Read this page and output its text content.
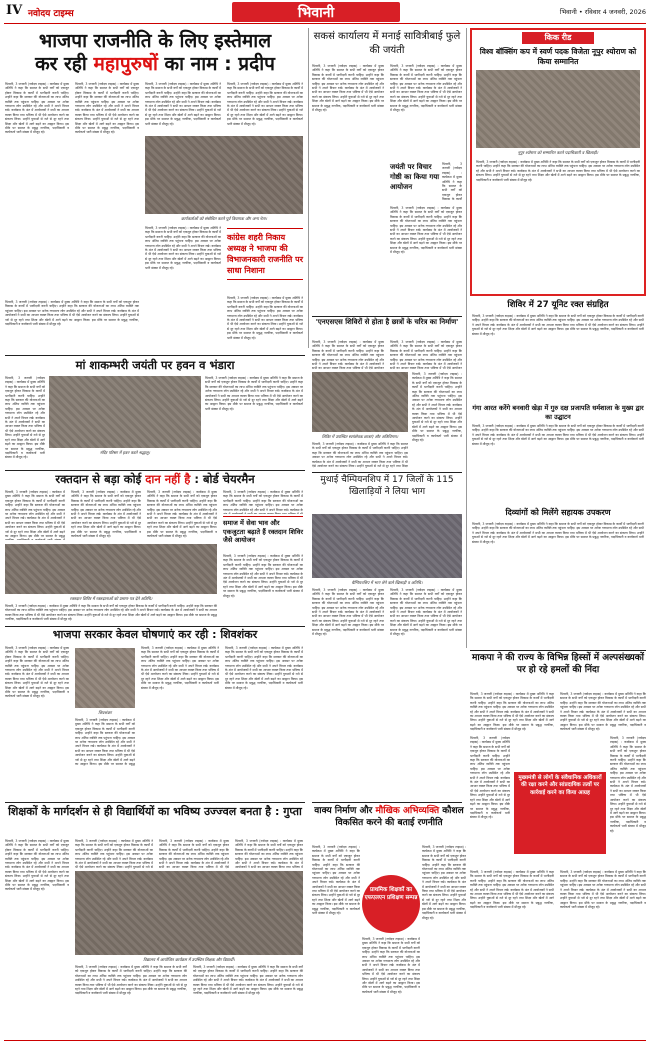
IV नवोदय टाइम्स	भिवानी	भिवानी • रविवार 4 जनवरी, 2026
भाजपा राजनीति के लिए इस्तेमाल
कर रही महापुरुषों का नाम : प्रदीप
भिवानी, 3 जनवरी (नवोदय टाइम्स) : कार्यक्रम में मुख्य अतिथि ने कहा कि समाज के सभी वर्गों को एकजुट होकर विकास के कार्यों में भागीदारी करनी चाहिए। उन्होंने कहा कि सरकार की योजनाओं का लाभ अंतिम व्यक्ति तक पहुंचना चाहिए। इस अवसर पर अनेक गणमान्य लोग उपस्थित रहे और सभी ने अपने विचार रखे। कार्यक्रम के अंत में आयोजकों ने सभी का आभार व्यक्त किया तथा भविष्य में भी ऐसे आयोजन करने का संकल्प लिया। उन्होंने युवाओं से नशे से दूर रहने तथा शिक्षा और खेलों में आगे बढ़ने का आह्वान किया। इस मौके पर समाज के प्रबुद्ध नागरिक, पदाधिकारी व कार्यकर्ता भारी संख्या में मौजूद रहे।
भिवानी, 3 जनवरी (नवोदय टाइम्स) : कार्यक्रम में मुख्य अतिथि ने कहा कि समाज के सभी वर्गों को एकजुट होकर विकास के कार्यों में भागीदारी करनी चाहिए। उन्होंने कहा कि सरकार की योजनाओं का लाभ अंतिम व्यक्ति तक पहुंचना चाहिए। इस अवसर पर अनेक गणमान्य लोग उपस्थित रहे और सभी ने अपने विचार रखे। कार्यक्रम के अंत में आयोजकों ने सभी का आभार व्यक्त किया तथा भविष्य में भी ऐसे आयोजन करने का संकल्प लिया। उन्होंने युवाओं से नशे से दूर रहने तथा शिक्षा और खेलों में आगे बढ़ने का आह्वान किया। इस मौके पर समाज के प्रबुद्ध नागरिक, पदाधिकारी व कार्यकर्ता भारी संख्या में मौजूद रहे।
भिवानी, 3 जनवरी (नवोदय टाइम्स) : कार्यक्रम में मुख्य अतिथि ने कहा कि समाज के सभी वर्गों को एकजुट होकर विकास के कार्यों में भागीदारी करनी चाहिए। उन्होंने कहा कि सरकार की योजनाओं का लाभ अंतिम व्यक्ति तक पहुंचना चाहिए। इस अवसर पर अनेक गणमान्य लोग उपस्थित रहे और सभी ने अपने विचार रखे। कार्यक्रम के अंत में आयोजकों ने सभी का आभार व्यक्त किया तथा भविष्य में भी ऐसे आयोजन करने का संकल्प लिया। उन्होंने युवाओं से नशे से दूर रहने तथा शिक्षा और खेलों में आगे बढ़ने का आह्वान किया। इस मौके पर समाज के प्रबुद्ध नागरिक, पदाधिकारी व कार्यकर्ता भारी संख्या में मौजूद रहे।
भिवानी, 3 जनवरी (नवोदय टाइम्स) : कार्यक्रम में मुख्य अतिथि ने कहा कि समाज के सभी वर्गों को एकजुट होकर विकास के कार्यों में भागीदारी करनी चाहिए। उन्होंने कहा कि सरकार की योजनाओं का लाभ अंतिम व्यक्ति तक पहुंचना चाहिए। इस अवसर पर अनेक गणमान्य लोग उपस्थित रहे और सभी ने अपने विचार रखे। कार्यक्रम के अंत में आयोजकों ने सभी का आभार व्यक्त किया तथा भविष्य में भी ऐसे आयोजन करने का संकल्प लिया। उन्होंने युवाओं से नशे से दूर रहने तथा शिक्षा और खेलों में आगे बढ़ने का आह्वान किया। इस मौके पर समाज के प्रबुद्ध नागरिक, पदाधिकारी व कार्यकर्ता भारी संख्या में मौजूद रहे।
कार्यकर्ताओं को संबोधित करते पूर्व विधायक और अन्य नेता।
भिवानी, 3 जनवरी (नवोदय टाइम्स) : कार्यक्रम में मुख्य अतिथि ने कहा कि समाज के सभी वर्गों को एकजुट होकर विकास के कार्यों में भागीदारी करनी चाहिए। उन्होंने कहा कि सरकार की योजनाओं का लाभ अंतिम व्यक्ति तक पहुंचना चाहिए। इस अवसर पर अनेक गणमान्य लोग उपस्थित रहे और सभी ने अपने विचार रखे। कार्यक्रम के अंत में आयोजकों ने सभी का आभार व्यक्त किया तथा भविष्य में भी ऐसे आयोजन करने का संकल्प लिया। उन्होंने युवाओं से नशे से दूर रहने तथा शिक्षा और खेलों में आगे बढ़ने का आह्वान किया। इस मौके पर समाज के प्रबुद्ध नागरिक, पदाधिकारी व कार्यकर्ता भारी संख्या में मौजूद रहे।
कांग्रेस शहरी निकाय अध्यक्ष ने भाजपा की विभाजनकारी राजनीति पर साधा निशाना
भिवानी, 3 जनवरी (नवोदय टाइम्स) : कार्यक्रम में मुख्य अतिथि ने कहा कि समाज के सभी वर्गों को एकजुट होकर विकास के कार्यों में भागीदारी करनी चाहिए। उन्होंने कहा कि सरकार की योजनाओं का लाभ अंतिम व्यक्ति तक पहुंचना चाहिए। इस अवसर पर अनेक गणमान्य लोग उपस्थित रहे और सभी ने अपने विचार रखे। कार्यक्रम के अंत में आयोजकों ने सभी का आभार व्यक्त किया तथा भविष्य में भी ऐसे आयोजन करने का संकल्प लिया। उन्होंने युवाओं से नशे से दूर रहने तथा शिक्षा और खेलों में आगे बढ़ने का आह्वान किया। इस मौके पर समाज के प्रबुद्ध नागरिक, पदाधिकारी व कार्यकर्ता भारी संख्या में मौजूद रहे।
भिवानी, 3 जनवरी (नवोदय टाइम्स) : कार्यक्रम में मुख्य अतिथि ने कहा कि समाज के सभी वर्गों को एकजुट होकर विकास के कार्यों में भागीदारी करनी चाहिए। उन्होंने कहा कि सरकार की योजनाओं का लाभ अंतिम व्यक्ति तक पहुंचना चाहिए। इस अवसर पर अनेक गणमान्य लोग उपस्थित रहे और सभी ने अपने विचार रखे। कार्यक्रम के अंत में आयोजकों ने सभी का आभार व्यक्त किया तथा भविष्य में भी ऐसे आयोजन करने का संकल्प लिया। उन्होंने युवाओं से नशे से दूर रहने तथा शिक्षा और खेलों में आगे बढ़ने का आह्वान किया। इस मौके पर समाज के प्रबुद्ध नागरिक, पदाधिकारी व कार्यकर्ता भारी संख्या में मौजूद रहे।
सकसं कार्यालय में मनाई सावित्रीबाई फुले की जयंती
भिवानी, 3 जनवरी (नवोदय टाइम्स) : कार्यक्रम में मुख्य अतिथि ने कहा कि समाज के सभी वर्गों को एकजुट होकर विकास के कार्यों में भागीदारी करनी चाहिए। उन्होंने कहा कि सरकार की योजनाओं का लाभ अंतिम व्यक्ति तक पहुंचना चाहिए। इस अवसर पर अनेक गणमान्य लोग उपस्थित रहे और सभी ने अपने विचार रखे। कार्यक्रम के अंत में आयोजकों ने सभी का आभार व्यक्त किया तथा भविष्य में भी ऐसे आयोजन करने का संकल्प लिया। उन्होंने युवाओं से नशे से दूर रहने तथा शिक्षा और खेलों में आगे बढ़ने का आह्वान किया। इस मौके पर समाज के प्रबुद्ध नागरिक, पदाधिकारी व कार्यकर्ता भारी संख्या में मौजूद रहे।
भिवानी, 3 जनवरी (नवोदय टाइम्स) : कार्यक्रम में मुख्य अतिथि ने कहा कि समाज के सभी वर्गों को एकजुट होकर विकास के कार्यों में भागीदारी करनी चाहिए। उन्होंने कहा कि सरकार की योजनाओं का लाभ अंतिम व्यक्ति तक पहुंचना चाहिए। इस अवसर पर अनेक गणमान्य लोग उपस्थित रहे और सभी ने अपने विचार रखे। कार्यक्रम के अंत में आयोजकों ने सभी का आभार व्यक्त किया तथा भविष्य में भी ऐसे आयोजन करने का संकल्प लिया। उन्होंने युवाओं से नशे से दूर रहने तथा शिक्षा और खेलों में आगे बढ़ने का आह्वान किया। इस मौके पर समाज के प्रबुद्ध नागरिक, पदाधिकारी व कार्यकर्ता भारी संख्या में मौजूद रहे।
जयंती पर विचार गोष्ठी का किया गया आयोजन
भिवानी, 3 जनवरी (नवोदय टाइम्स) : कार्यक्रम में मुख्य अतिथि ने कहा कि समाज के सभी वर्गों को एकजुट होकर विकास के कार्यों
भिवानी, 3 जनवरी (नवोदय टाइम्स) : कार्यक्रम में मुख्य अतिथि ने कहा कि समाज के सभी वर्गों को एकजुट होकर विकास के कार्यों में भागीदारी करनी चाहिए। उन्होंने कहा कि सरकार की योजनाओं का लाभ अंतिम व्यक्ति तक पहुंचना चाहिए। इस अवसर पर अनेक गणमान्य लोग उपस्थित रहे और सभी ने अपने विचार रखे। कार्यक्रम के अंत में आयोजकों ने सभी का आभार व्यक्त किया तथा भविष्य में भी ऐसे आयोजन करने का संकल्प लिया। उन्होंने युवाओं से नशे से दूर रहने तथा शिक्षा और खेलों में आगे बढ़ने का आह्वान किया। इस मौके पर समाज के प्रबुद्ध नागरिक, पदाधिकारी व कार्यकर्ता भारी संख्या में मौजूद रहे।
किक रीड
विश्व बॉक्सिंग कप में स्वर्ण पदक विजेता नूपुर श्योराण को किया सम्मानित
नूपुर श्योराण को सम्मानित करते पदाधिकारी व खिलाड़ी।
भिवानी, 3 जनवरी (नवोदय टाइम्स) : कार्यक्रम में मुख्य अतिथि ने कहा कि समाज के सभी वर्गों को एकजुट होकर विकास के कार्यों में भागीदारी करनी चाहिए। उन्होंने कहा कि सरकार की योजनाओं का लाभ अंतिम व्यक्ति तक पहुंचना चाहिए। इस अवसर पर अनेक गणमान्य लोग उपस्थित रहे और सभी ने अपने विचार रखे। कार्यक्रम के अंत में आयोजकों ने सभी का आभार व्यक्त किया तथा भविष्य में भी ऐसे आयोजन करने का संकल्प लिया। उन्होंने युवाओं से नशे से दूर रहने तथा शिक्षा और खेलों में आगे बढ़ने का आह्वान किया। इस मौके पर समाज के प्रबुद्ध नागरिक, पदाधिकारी व कार्यकर्ता भारी संख्या में मौजूद रहे।
शिविर में 27 यूनिट रक्त संग्रहित
भिवानी, 3 जनवरी (नवोदय टाइम्स) : कार्यक्रम में मुख्य अतिथि ने कहा कि समाज के सभी वर्गों को एकजुट होकर विकास के कार्यों में भागीदारी करनी चाहिए। उन्होंने कहा कि सरकार की योजनाओं का लाभ अंतिम व्यक्ति तक पहुंचना चाहिए। इस अवसर पर अनेक गणमान्य लोग उपस्थित रहे और सभी ने अपने विचार रखे। कार्यक्रम के अंत में आयोजकों ने सभी का आभार व्यक्त किया तथा भविष्य में भी ऐसे आयोजन करने का संकल्प लिया। उन्होंने युवाओं से नशे से दूर रहने तथा शिक्षा और खेलों में आगे बढ़ने का आह्वान किया। इस मौके पर समाज के प्रबुद्ध नागरिक, पदाधिकारी व कार्यकर्ता भारी संख्या में मौजूद रहे।
गंगा आरत करेंगे बनवारी खेड़ा में गुरु दक्ष प्रजापति धर्मशाला के मुख्य द्वार का उद्घाटन
भिवानी, 3 जनवरी (नवोदय टाइम्स) : कार्यक्रम में मुख्य अतिथि ने कहा कि समाज के सभी वर्गों को एकजुट होकर विकास के कार्यों में भागीदारी करनी चाहिए। उन्होंने कहा कि सरकार की योजनाओं का लाभ अंतिम व्यक्ति तक पहुंचना चाहिए। इस अवसर पर अनेक गणमान्य लोग उपस्थित रहे और सभी ने अपने विचार रखे। कार्यक्रम के अंत में आयोजकों ने सभी का आभार व्यक्त किया तथा भविष्य में भी ऐसे आयोजन करने का संकल्प लिया। उन्होंने युवाओं से नशे से दूर रहने तथा शिक्षा और खेलों में आगे बढ़ने का आह्वान किया। इस मौके पर समाज के प्रबुद्ध नागरिक, पदाधिकारी व कार्यकर्ता भारी संख्या में मौजूद रहे।
दिव्यांगों को मिलेंगे सहायक उपकरण
भिवानी, 3 जनवरी (नवोदय टाइम्स) : कार्यक्रम में मुख्य अतिथि ने कहा कि समाज के सभी वर्गों को एकजुट होकर विकास के कार्यों में भागीदारी करनी चाहिए। उन्होंने कहा कि सरकार की योजनाओं का लाभ अंतिम व्यक्ति तक पहुंचना चाहिए। इस अवसर पर अनेक गणमान्य लोग उपस्थित रहे और सभी ने अपने विचार रखे। कार्यक्रम के अंत में आयोजकों ने सभी का आभार व्यक्त किया तथा भविष्य में भी ऐसे आयोजन करने का संकल्प लिया। उन्होंने युवाओं से नशे से दूर रहने तथा शिक्षा और खेलों में आगे बढ़ने का आह्वान किया। इस मौके पर समाज के प्रबुद्ध नागरिक, पदाधिकारी व कार्यकर्ता भारी संख्या में मौजूद रहे।
मां शाकम्भरी जयंती पर हवन व भंडारा
भिवानी, 3 जनवरी (नवोदय टाइम्स) : कार्यक्रम में मुख्य अतिथि ने कहा कि समाज के सभी वर्गों को एकजुट होकर विकास के कार्यों में भागीदारी करनी चाहिए। उन्होंने कहा कि सरकार की योजनाओं का लाभ अंतिम व्यक्ति तक पहुंचना चाहिए। इस अवसर पर अनेक गणमान्य लोग उपस्थित रहे और सभी ने अपने विचार रखे। कार्यक्रम के अंत में आयोजकों ने सभी का आभार व्यक्त किया तथा भविष्य में भी ऐसे आयोजन करने का संकल्प लिया। उन्होंने युवाओं से नशे से दूर रहने तथा शिक्षा और खेलों में आगे बढ़ने का आह्वान किया। इस मौके पर समाज के प्रबुद्ध नागरिक, पदाधिकारी व कार्यकर्ता भारी संख्या में मौजूद रहे।
मंदिर परिसर में हवन करते श्रद्धालु।
भिवानी, 3 जनवरी (नवोदय टाइम्स) : कार्यक्रम में मुख्य अतिथि ने कहा कि समाज के सभी वर्गों को एकजुट होकर विकास के कार्यों में भागीदारी करनी चाहिए। उन्होंने कहा कि सरकार की योजनाओं का लाभ अंतिम व्यक्ति तक पहुंचना चाहिए। इस अवसर पर अनेक गणमान्य लोग उपस्थित रहे और सभी ने अपने विचार रखे। कार्यक्रम के अंत में आयोजकों ने सभी का आभार व्यक्त किया तथा भविष्य में भी ऐसे आयोजन करने का संकल्प लिया। उन्होंने युवाओं से नशे से दूर रहने तथा शिक्षा और खेलों में आगे बढ़ने का आह्वान किया। इस मौके पर समाज के प्रबुद्ध नागरिक, पदाधिकारी व कार्यकर्ता भारी संख्या में मौजूद रहे।
'एनएसएस शिविरों से होता है छात्रों के चरित्र का निर्माण'
भिवानी, 3 जनवरी (नवोदय टाइम्स) : कार्यक्रम में मुख्य अतिथि ने कहा कि समाज के सभी वर्गों को एकजुट होकर विकास के कार्यों में भागीदारी करनी चाहिए। उन्होंने कहा कि सरकार की योजनाओं का लाभ अंतिम व्यक्ति तक पहुंचना चाहिए। इस अवसर पर अनेक गणमान्य लोग उपस्थित रहे और सभी ने अपने विचार रखे। कार्यक्रम के अंत में आयोजकों ने सभी का आभार व्यक्त किया तथा भविष्य में भी ऐसे आयोजन
भिवानी, 3 जनवरी (नवोदय टाइम्स) : कार्यक्रम में मुख्य अतिथि ने कहा कि समाज के सभी वर्गों को एकजुट होकर विकास के कार्यों में भागीदारी करनी चाहिए। उन्होंने कहा कि सरकार की योजनाओं का लाभ अंतिम व्यक्ति तक पहुंचना चाहिए। इस अवसर पर अनेक गणमान्य लोग उपस्थित रहे और सभी ने अपने विचार रखे। कार्यक्रम के अंत में आयोजकों ने सभी का आभार व्यक्त किया तथा भविष्य में भी ऐसे आयोजन
भिवानी, 3 जनवरी (नवोदय टाइम्स) : कार्यक्रम में मुख्य अतिथि ने कहा कि समाज के सभी वर्गों को एकजुट होकर विकास के कार्यों में भागीदारी करनी चाहिए। उन्होंने कहा कि सरकार की योजनाओं का लाभ अंतिम व्यक्ति तक पहुंचना चाहिए। इस अवसर पर अनेक गणमान्य लोग उपस्थित रहे और सभी ने अपने विचार रखे। कार्यक्रम के अंत में आयोजकों ने सभी का आभार व्यक्त किया तथा भविष्य में भी ऐसे आयोजन करने का संकल्प लिया। उन्होंने युवाओं से नशे से दूर रहने तथा शिक्षा और खेलों में आगे बढ़ने का आह्वान किया। इस मौके पर समाज के प्रबुद्ध नागरिक, पदाधिकारी व कार्यकर्ता भारी संख्या में मौजूद रहे।
शिविर में उपस्थित स्वयंसेवक छात्राएं और अतिथिगण।
भिवानी, 3 जनवरी (नवोदय टाइम्स) : कार्यक्रम में मुख्य अतिथि ने कहा कि समाज के सभी वर्गों को एकजुट होकर विकास के कार्यों में भागीदारी करनी चाहिए। उन्होंने कहा कि सरकार की योजनाओं का लाभ अंतिम व्यक्ति तक पहुंचना चाहिए। इस अवसर पर अनेक गणमान्य लोग उपस्थित रहे और सभी ने अपने विचार रखे। कार्यक्रम के अंत में आयोजकों ने सभी का आभार व्यक्त किया तथा भविष्य में भी ऐसे आयोजन करने का संकल्प लिया। उन्होंने युवाओं से नशे से दूर रहने तथा शिक्षा
रक्तदान से बड़ा कोई दान नहीं है : बोर्ड चेयरमैन
भिवानी, 3 जनवरी (नवोदय टाइम्स) : कार्यक्रम में मुख्य अतिथि ने कहा कि समाज के सभी वर्गों को एकजुट होकर विकास के कार्यों में भागीदारी करनी चाहिए। उन्होंने कहा कि सरकार की योजनाओं का लाभ अंतिम व्यक्ति तक पहुंचना चाहिए। इस अवसर पर अनेक गणमान्य लोग उपस्थित रहे और सभी ने अपने विचार रखे। कार्यक्रम के अंत में आयोजकों ने सभी का आभार व्यक्त किया तथा भविष्य में भी ऐसे आयोजन करने का संकल्प लिया। उन्होंने युवाओं से नशे से दूर रहने तथा शिक्षा और खेलों में आगे बढ़ने का आह्वान किया। इस मौके पर समाज के प्रबुद्ध
भिवानी, 3 जनवरी (नवोदय टाइम्स) : कार्यक्रम में मुख्य अतिथि ने कहा कि समाज के सभी वर्गों को एकजुट होकर विकास के कार्यों में भागीदारी करनी चाहिए। उन्होंने कहा कि सरकार की योजनाओं का लाभ अंतिम व्यक्ति तक पहुंचना चाहिए। इस अवसर पर अनेक गणमान्य लोग उपस्थित रहे और सभी ने अपने विचार रखे। कार्यक्रम के अंत में आयोजकों ने सभी का आभार व्यक्त किया तथा भविष्य में भी ऐसे आयोजन करने का संकल्प लिया। उन्होंने युवाओं से नशे से दूर रहने तथा शिक्षा और खेलों में आगे बढ़ने का आह्वान किया। इस मौके पर समाज के प्रबुद्ध नागरिक, पदाधिकारी व कार्यकर्ता भारी संख्या में मौजूद रहे।
भिवानी, 3 जनवरी (नवोदय टाइम्स) : कार्यक्रम में मुख्य अतिथि ने कहा कि समाज के सभी वर्गों को एकजुट होकर विकास के कार्यों में भागीदारी करनी चाहिए। उन्होंने कहा कि सरकार की योजनाओं का लाभ अंतिम व्यक्ति तक पहुंचना चाहिए। इस अवसर पर अनेक गणमान्य लोग उपस्थित रहे और सभी ने अपने विचार रखे। कार्यक्रम के अंत में आयोजकों ने सभी का आभार व्यक्त किया तथा भविष्य में भी ऐसे आयोजन करने का संकल्प लिया। उन्होंने युवाओं से नशे से दूर रहने तथा शिक्षा और खेलों में आगे बढ़ने का आह्वान किया। इस मौके पर समाज के प्रबुद्ध नागरिक, पदाधिकारी व कार्यकर्ता भारी संख्या में मौजूद रहे।
भिवानी, 3 जनवरी (नवोदय टाइम्स) : कार्यक्रम में मुख्य अतिथि ने कहा कि समाज के सभी वर्गों को एकजुट होकर विकास के कार्यों में भागीदारी करनी चाहिए। उन्होंने कहा कि सरकार की योजनाओं का लाभ अंतिम व्यक्ति तक पहुंचना चाहिए। इस अवसर पर अनेक गणमान्य लोग उपस्थित रहे और सभी ने अपने विचार रखे। कार्यक्रम के
समाज में सेवा भाव और एकजुटता बढ़ाते हैं रक्तदान शिविर जैसे आयोजन
रक्तदान शिविर में रक्तदाताओं को प्रमाण-पत्र देते अतिथि।
भिवानी, 3 जनवरी (नवोदय टाइम्स) : कार्यक्रम में मुख्य अतिथि ने कहा कि समाज के सभी वर्गों को एकजुट होकर विकास के कार्यों में भागीदारी करनी चाहिए। उन्होंने कहा कि सरकार की योजनाओं का लाभ अंतिम व्यक्ति तक पहुंचना चाहिए। इस अवसर पर अनेक गणमान्य लोग उपस्थित रहे और सभी ने अपने विचार रखे। कार्यक्रम के अंत में आयोजकों ने सभी का आभार व्यक्त किया तथा भविष्य में भी ऐसे आयोजन करने का संकल्प लिया। उन्होंने युवाओं से नशे से दूर रहने तथा शिक्षा और खेलों में आगे बढ़ने का आह्वान किया। इस मौके पर समाज के प्रबुद्ध नागरिक, पदाधिकारी व कार्यकर्ता भारी संख्या में मौजूद रहे।
भिवानी, 3 जनवरी (नवोदय टाइम्स) : कार्यक्रम में मुख्य अतिथि ने कहा कि समाज के सभी वर्गों को एकजुट होकर विकास के कार्यों में भागीदारी करनी चाहिए। उन्होंने कहा कि सरकार की योजनाओं का लाभ अंतिम व्यक्ति तक पहुंचना चाहिए। इस अवसर पर अनेक गणमान्य लोग उपस्थित रहे और सभी ने अपने विचार रखे। कार्यक्रम के अंत में आयोजकों ने सभी का आभार व्यक्त किया तथा भविष्य में भी ऐसे आयोजन करने का संकल्प लिया। उन्होंने युवाओं से नशे से दूर रहने तथा शिक्षा और खेलों में आगे बढ़ने का आह्वान किया। इस मौके पर समाज के प्रबुद्ध नागरिक, पदाधिकारी व कार्यकर्ता भारी संख्या में मौजूद रहे।
मुथाई चैम्पियनशिप में 17 जिलों के 115 खिलाड़ियों ने लिया भाग
चैम्पियनशिप में भाग लेने वाले खिलाड़ी व अतिथि।
भिवानी, 3 जनवरी (नवोदय टाइम्स) : कार्यक्रम में मुख्य अतिथि ने कहा कि समाज के सभी वर्गों को एकजुट होकर विकास के कार्यों में भागीदारी करनी चाहिए। उन्होंने कहा कि सरकार की योजनाओं का लाभ अंतिम व्यक्ति तक पहुंचना चाहिए। इस अवसर पर अनेक गणमान्य लोग उपस्थित रहे और सभी ने अपने विचार रखे। कार्यक्रम के अंत में आयोजकों ने सभी का आभार व्यक्त किया तथा भविष्य में भी ऐसे आयोजन करने का संकल्प लिया। उन्होंने युवाओं से नशे से दूर रहने तथा शिक्षा और खेलों में आगे बढ़ने का आह्वान किया। इस मौके पर समाज के प्रबुद्ध नागरिक, पदाधिकारी व कार्यकर्ता भारी संख्या में मौजूद रहे।
भिवानी, 3 जनवरी (नवोदय टाइम्स) : कार्यक्रम में मुख्य अतिथि ने कहा कि समाज के सभी वर्गों को एकजुट होकर विकास के कार्यों में भागीदारी करनी चाहिए। उन्होंने कहा कि सरकार की योजनाओं का लाभ अंतिम व्यक्ति तक पहुंचना चाहिए। इस अवसर पर अनेक गणमान्य लोग उपस्थित रहे और सभी ने अपने विचार रखे। कार्यक्रम के अंत में आयोजकों ने सभी का आभार व्यक्त किया तथा भविष्य में भी ऐसे आयोजन करने का संकल्प लिया। उन्होंने युवाओं से नशे से दूर रहने तथा शिक्षा और खेलों में आगे बढ़ने का आह्वान किया। इस मौके पर समाज के प्रबुद्ध नागरिक, पदाधिकारी व कार्यकर्ता भारी संख्या में मौजूद रहे।
भाजपा सरकार केवल घोषणाएं कर रही : शिवशंकर
भिवानी, 3 जनवरी (नवोदय टाइम्स) : कार्यक्रम में मुख्य अतिथि ने कहा कि समाज के सभी वर्गों को एकजुट होकर विकास के कार्यों में भागीदारी करनी चाहिए। उन्होंने कहा कि सरकार की योजनाओं का लाभ अंतिम व्यक्ति तक पहुंचना चाहिए। इस अवसर पर अनेक गणमान्य लोग उपस्थित रहे और सभी ने अपने विचार रखे। कार्यक्रम के अंत में आयोजकों ने सभी का आभार व्यक्त किया तथा भविष्य में भी ऐसे आयोजन करने का संकल्प लिया। उन्होंने युवाओं से नशे से दूर रहने तथा शिक्षा और खेलों में आगे बढ़ने का आह्वान किया। इस मौके पर समाज के प्रबुद्ध नागरिक, पदाधिकारी व कार्यकर्ता भारी संख्या में मौजूद रहे।
शिवशंकर
भिवानी, 3 जनवरी (नवोदय टाइम्स) : कार्यक्रम में मुख्य अतिथि ने कहा कि समाज के सभी वर्गों को एकजुट होकर विकास के कार्यों में भागीदारी करनी चाहिए। उन्होंने कहा कि सरकार की योजनाओं का लाभ अंतिम व्यक्ति तक पहुंचना चाहिए। इस अवसर पर अनेक गणमान्य लोग उपस्थित रहे और सभी ने अपने विचार रखे। कार्यक्रम के अंत में आयोजकों ने सभी का आभार व्यक्त किया तथा भविष्य में भी ऐसे आयोजन करने का संकल्प लिया। उन्होंने युवाओं से नशे से दूर रहने तथा शिक्षा और खेलों में आगे बढ़ने का आह्वान किया। इस मौके पर समाज के प्रबुद्ध
भिवानी, 3 जनवरी (नवोदय टाइम्स) : कार्यक्रम में मुख्य अतिथि ने कहा कि समाज के सभी वर्गों को एकजुट होकर विकास के कार्यों में भागीदारी करनी चाहिए। उन्होंने कहा कि सरकार की योजनाओं का लाभ अंतिम व्यक्ति तक पहुंचना चाहिए। इस अवसर पर अनेक गणमान्य लोग उपस्थित रहे और सभी ने अपने विचार रखे। कार्यक्रम के अंत में आयोजकों ने सभी का आभार व्यक्त किया तथा भविष्य में भी ऐसे आयोजन करने का संकल्प लिया। उन्होंने युवाओं से नशे से दूर रहने तथा शिक्षा और खेलों में आगे बढ़ने का आह्वान किया। इस मौके पर समाज के प्रबुद्ध नागरिक, पदाधिकारी व कार्यकर्ता भारी संख्या में मौजूद रहे।
भिवानी, 3 जनवरी (नवोदय टाइम्स) : कार्यक्रम में मुख्य अतिथि ने कहा कि समाज के सभी वर्गों को एकजुट होकर विकास के कार्यों में भागीदारी करनी चाहिए। उन्होंने कहा कि सरकार की योजनाओं का लाभ अंतिम व्यक्ति तक पहुंचना चाहिए। इस अवसर पर अनेक गणमान्य लोग उपस्थित रहे और सभी ने अपने विचार रखे। कार्यक्रम के अंत में आयोजकों ने सभी का आभार व्यक्त किया तथा भविष्य में भी ऐसे आयोजन करने का संकल्प लिया। उन्होंने युवाओं से नशे से दूर रहने तथा शिक्षा और खेलों में आगे बढ़ने का आह्वान किया। इस मौके पर समाज के प्रबुद्ध नागरिक, पदाधिकारी व कार्यकर्ता भारी संख्या में मौजूद रहे।
माकपा ने की राज्य के विभिन्न हिस्सों में अल्पसंख्यकों पर हो रहे हमलों की निंदा
भिवानी, 3 जनवरी (नवोदय टाइम्स) : कार्यक्रम में मुख्य अतिथि ने कहा कि समाज के सभी वर्गों को एकजुट होकर विकास के कार्यों में भागीदारी करनी चाहिए। उन्होंने कहा कि सरकार की योजनाओं का लाभ अंतिम व्यक्ति तक पहुंचना चाहिए। इस अवसर पर अनेक गणमान्य लोग उपस्थित रहे और सभी ने अपने विचार रखे। कार्यक्रम के अंत में आयोजकों ने सभी का आभार व्यक्त किया तथा भविष्य में भी ऐसे आयोजन करने का संकल्प लिया। उन्होंने युवाओं से नशे से दूर रहने तथा शिक्षा और खेलों में आगे बढ़ने का आह्वान किया। इस मौके पर समाज के प्रबुद्ध नागरिक, पदाधिकारी व कार्यकर्ता भारी संख्या में मौजूद रहे।
भिवानी, 3 जनवरी (नवोदय टाइम्स) : कार्यक्रम में मुख्य अतिथि ने कहा कि समाज के सभी वर्गों को एकजुट होकर विकास के कार्यों में भागीदारी करनी चाहिए। उन्होंने कहा कि सरकार की योजनाओं का लाभ अंतिम व्यक्ति तक पहुंचना चाहिए। इस अवसर पर अनेक गणमान्य लोग उपस्थित रहे और सभी ने अपने विचार रखे। कार्यक्रम के अंत में आयोजकों ने सभी का आभार व्यक्त किया तथा भविष्य में भी ऐसे आयोजन करने का संकल्प लिया। उन्होंने युवाओं से नशे से दूर रहने तथा शिक्षा और खेलों में आगे बढ़ने का आह्वान किया। इस मौके पर समाज के प्रबुद्ध नागरिक, पदाधिकारी व कार्यकर्ता भारी संख्या में मौजूद रहे।
मुख्यमंत्री से लोगों के संवैधानिक अधिकारों की रक्षा करने और सांप्रदायिक तत्वों पर कार्रवाई करने का किया आग्रह
भिवानी, 3 जनवरी (नवोदय टाइम्स) : कार्यक्रम में मुख्य अतिथि ने कहा कि समाज के सभी वर्गों को एकजुट होकर विकास के कार्यों में भागीदारी करनी चाहिए। उन्होंने कहा कि सरकार की योजनाओं का लाभ अंतिम व्यक्ति तक पहुंचना चाहिए। इस अवसर पर अनेक गणमान्य लोग उपस्थित रहे और सभी ने अपने विचार रखे। कार्यक्रम के अंत में आयोजकों ने सभी का आभार व्यक्त किया तथा भविष्य में भी ऐसे आयोजन करने का संकल्प लिया। उन्होंने युवाओं से नशे से दूर रहने तथा शिक्षा और खेलों में आगे बढ़ने का आह्वान किया। इस मौके पर समाज के प्रबुद्ध नागरिक, पदाधिकारी व कार्यकर्ता भारी संख्या में मौजूद रहे।
भिवानी, 3 जनवरी (नवोदय टाइम्स) : कार्यक्रम में मुख्य अतिथि ने कहा कि समाज के सभी वर्गों को एकजुट होकर विकास के कार्यों में भागीदारी करनी चाहिए। उन्होंने कहा कि सरकार की योजनाओं का लाभ अंतिम व्यक्ति तक पहुंचना चाहिए। इस अवसर पर अनेक गणमान्य लोग उपस्थित रहे और सभी ने अपने विचार रखे। कार्यक्रम के अंत में आयोजकों ने सभी का आभार व्यक्त किया तथा भविष्य में भी ऐसे आयोजन करने का संकल्प लिया। उन्होंने युवाओं से नशे से दूर रहने तथा शिक्षा और खेलों में आगे बढ़ने का आह्वान किया। इस मौके पर समाज के प्रबुद्ध नागरिक, पदाधिकारी व कार्यकर्ता भारी संख्या में मौजूद रहे।
भिवानी, 3 जनवरी (नवोदय टाइम्स) : कार्यक्रम में मुख्य अतिथि ने कहा कि समाज के सभी वर्गों को एकजुट होकर विकास के कार्यों में भागीदारी करनी चाहिए। उन्होंने कहा कि सरकार की योजनाओं का लाभ अंतिम व्यक्ति तक पहुंचना चाहिए। इस अवसर पर अनेक गणमान्य लोग उपस्थित रहे और सभी ने अपने विचार रखे। कार्यक्रम के अंत में आयोजकों ने सभी का आभार व्यक्त किया तथा भविष्य में भी ऐसे आयोजन करने का संकल्प लिया। उन्होंने युवाओं से नशे से दूर रहने तथा शिक्षा और खेलों में आगे बढ़ने का आह्वान किया। इस मौके पर समाज के प्रबुद्ध नागरिक, पदाधिकारी व कार्यकर्ता भारी संख्या में मौजूद रहे।
भिवानी, 3 जनवरी (नवोदय टाइम्स) : कार्यक्रम में मुख्य अतिथि ने कहा कि समाज के सभी वर्गों को एकजुट होकर विकास के कार्यों में भागीदारी करनी चाहिए। उन्होंने कहा कि सरकार की योजनाओं का लाभ अंतिम व्यक्ति तक पहुंचना चाहिए। इस अवसर पर अनेक गणमान्य लोग उपस्थित रहे और सभी ने अपने विचार रखे। कार्यक्रम के अंत में आयोजकों ने सभी का आभार व्यक्त किया तथा भविष्य में भी ऐसे आयोजन करने का संकल्प लिया। उन्होंने युवाओं से नशे से दूर रहने तथा शिक्षा और खेलों में आगे बढ़ने का आह्वान किया। इस मौके पर समाज के प्रबुद्ध नागरिक, पदाधिकारी व कार्यकर्ता भारी संख्या में मौजूद रहे।
शिक्षकों के मार्गदर्शन से ही विद्यार्थियों का भविष्य उज्ज्वल बनता है : गुप्ता
भिवानी, 3 जनवरी (नवोदय टाइम्स) : कार्यक्रम में मुख्य अतिथि ने कहा कि समाज के सभी वर्गों को एकजुट होकर विकास के कार्यों में भागीदारी करनी चाहिए। उन्होंने कहा कि सरकार की योजनाओं का लाभ अंतिम व्यक्ति तक पहुंचना चाहिए। इस अवसर पर अनेक गणमान्य लोग उपस्थित रहे और सभी ने अपने विचार रखे। कार्यक्रम के अंत में आयोजकों ने सभी का आभार व्यक्त किया तथा भविष्य में भी ऐसे आयोजन करने का संकल्प लिया। उन्होंने युवाओं से नशे से दूर रहने तथा शिक्षा और खेलों में आगे बढ़ने का आह्वान किया। इस मौके पर समाज के प्रबुद्ध नागरिक, पदाधिकारी व कार्यकर्ता भारी संख्या में मौजूद रहे।
भिवानी, 3 जनवरी (नवोदय टाइम्स) : कार्यक्रम में मुख्य अतिथि ने कहा कि समाज के सभी वर्गों को एकजुट होकर विकास के कार्यों में भागीदारी करनी चाहिए। उन्होंने कहा कि सरकार की योजनाओं का लाभ अंतिम व्यक्ति तक पहुंचना चाहिए। इस अवसर पर अनेक गणमान्य लोग उपस्थित रहे और सभी ने अपने विचार रखे। कार्यक्रम के अंत में आयोजकों ने सभी का आभार व्यक्त किया तथा भविष्य में भी ऐसे आयोजन करने का संकल्प लिया। उन्होंने युवाओं से नशे से
भिवानी, 3 जनवरी (नवोदय टाइम्स) : कार्यक्रम में मुख्य अतिथि ने कहा कि समाज के सभी वर्गों को एकजुट होकर विकास के कार्यों में भागीदारी करनी चाहिए। उन्होंने कहा कि सरकार की योजनाओं का लाभ अंतिम व्यक्ति तक पहुंचना चाहिए। इस अवसर पर अनेक गणमान्य लोग उपस्थित रहे और सभी ने अपने विचार रखे। कार्यक्रम के अंत में आयोजकों ने सभी का आभार व्यक्त किया तथा भविष्य में भी ऐसे
भिवानी, 3 जनवरी (नवोदय टाइम्स) : कार्यक्रम में मुख्य अतिथि ने कहा कि समाज के सभी वर्गों को एकजुट होकर विकास के कार्यों में भागीदारी करनी चाहिए। उन्होंने कहा कि सरकार की योजनाओं का लाभ अंतिम व्यक्ति तक पहुंचना चाहिए। इस अवसर पर अनेक गणमान्य लोग उपस्थित रहे और सभी ने अपने विचार रखे। कार्यक्रम के अंत में आयोजकों ने सभी का आभार व्यक्त किया तथा भविष्य में
विद्यालय में आयोजित कार्यक्रम में उपस्थित शिक्षक और विद्यार्थी।
भिवानी, 3 जनवरी (नवोदय टाइम्स) : कार्यक्रम में मुख्य अतिथि ने कहा कि समाज के सभी वर्गों को एकजुट होकर विकास के कार्यों में भागीदारी करनी चाहिए। उन्होंने कहा कि सरकार की योजनाओं का लाभ अंतिम व्यक्ति तक पहुंचना चाहिए। इस अवसर पर अनेक गणमान्य लोग उपस्थित रहे और सभी ने अपने विचार रखे। कार्यक्रम के अंत में आयोजकों ने सभी का आभार व्यक्त किया तथा भविष्य में भी ऐसे आयोजन करने का संकल्प लिया। उन्होंने युवाओं से नशे से दूर रहने तथा शिक्षा और खेलों में आगे बढ़ने का आह्वान किया। इस मौके पर समाज के प्रबुद्ध नागरिक, पदाधिकारी व कार्यकर्ता भारी संख्या में मौजूद रहे।
भिवानी, 3 जनवरी (नवोदय टाइम्स) : कार्यक्रम में मुख्य अतिथि ने कहा कि समाज के सभी वर्गों को एकजुट होकर विकास के कार्यों में भागीदारी करनी चाहिए। उन्होंने कहा कि सरकार की योजनाओं का लाभ अंतिम व्यक्ति तक पहुंचना चाहिए। इस अवसर पर अनेक गणमान्य लोग उपस्थित रहे और सभी ने अपने विचार रखे। कार्यक्रम के अंत में आयोजकों ने सभी का आभार व्यक्त किया तथा भविष्य में भी ऐसे आयोजन करने का संकल्प लिया। उन्होंने युवाओं से नशे से दूर रहने तथा शिक्षा और खेलों में आगे बढ़ने का आह्वान किया। इस मौके पर समाज के प्रबुद्ध नागरिक, पदाधिकारी व कार्यकर्ता भारी संख्या में मौजूद रहे।
वाक्य निर्माण और मौखिक अभिव्यक्ति कौशल विकसित करने की बताई रणनीति
भिवानी, 3 जनवरी (नवोदय टाइम्स) : कार्यक्रम में मुख्य अतिथि ने कहा कि समाज के सभी वर्गों को एकजुट होकर विकास के कार्यों में भागीदारी करनी चाहिए। उन्होंने कहा कि सरकार की योजनाओं का लाभ अंतिम व्यक्ति तक पहुंचना चाहिए। इस अवसर पर अनेक गणमान्य लोग उपस्थित रहे और सभी ने अपने विचार रखे। कार्यक्रम के अंत में आयोजकों ने सभी का आभार व्यक्त किया तथा भविष्य में भी ऐसे आयोजन करने का संकल्प लिया। उन्होंने युवाओं से नशे से दूर रहने तथा शिक्षा और खेलों में आगे बढ़ने का आह्वान किया। इस मौके पर समाज के प्रबुद्ध नागरिक, पदाधिकारी व कार्यकर्ता भारी संख्या में मौजूद रहे।
प्राथमिक शिक्षकों का एफएलएन प्रशिक्षण सम्पन्न
भिवानी, 3 जनवरी (नवोदय टाइम्स) : कार्यक्रम में मुख्य अतिथि ने कहा कि समाज के सभी वर्गों को एकजुट होकर विकास के कार्यों में भागीदारी करनी चाहिए। उन्होंने कहा कि सरकार की योजनाओं का लाभ अंतिम व्यक्ति तक पहुंचना चाहिए। इस अवसर पर अनेक गणमान्य लोग उपस्थित रहे और सभी ने अपने विचार रखे। कार्यक्रम के अंत में आयोजकों ने सभी का आभार व्यक्त किया तथा भविष्य में भी ऐसे आयोजन करने का संकल्प लिया। उन्होंने युवाओं से नशे से दूर रहने तथा शिक्षा और खेलों में आगे बढ़ने का आह्वान किया। इस मौके पर समाज के प्रबुद्ध नागरिक, पदाधिकारी व कार्यकर्ता भारी संख्या में मौजूद रहे।
भिवानी, 3 जनवरी (नवोदय टाइम्स) : कार्यक्रम में मुख्य अतिथि ने कहा कि समाज के सभी वर्गों को एकजुट होकर विकास के कार्यों में भागीदारी करनी चाहिए। उन्होंने कहा कि सरकार की योजनाओं का लाभ अंतिम व्यक्ति तक पहुंचना चाहिए। इस अवसर पर अनेक गणमान्य लोग उपस्थित रहे और सभी ने अपने विचार रखे। कार्यक्रम के अंत में आयोजकों ने सभी का आभार व्यक्त किया तथा भविष्य में भी ऐसे आयोजन करने का संकल्प लिया। उन्होंने युवाओं से नशे से दूर रहने तथा शिक्षा और खेलों में आगे बढ़ने का आह्वान किया। इस मौके पर समाज के प्रबुद्ध नागरिक, पदाधिकारी व कार्यकर्ता भारी संख्या में मौजूद रहे।
